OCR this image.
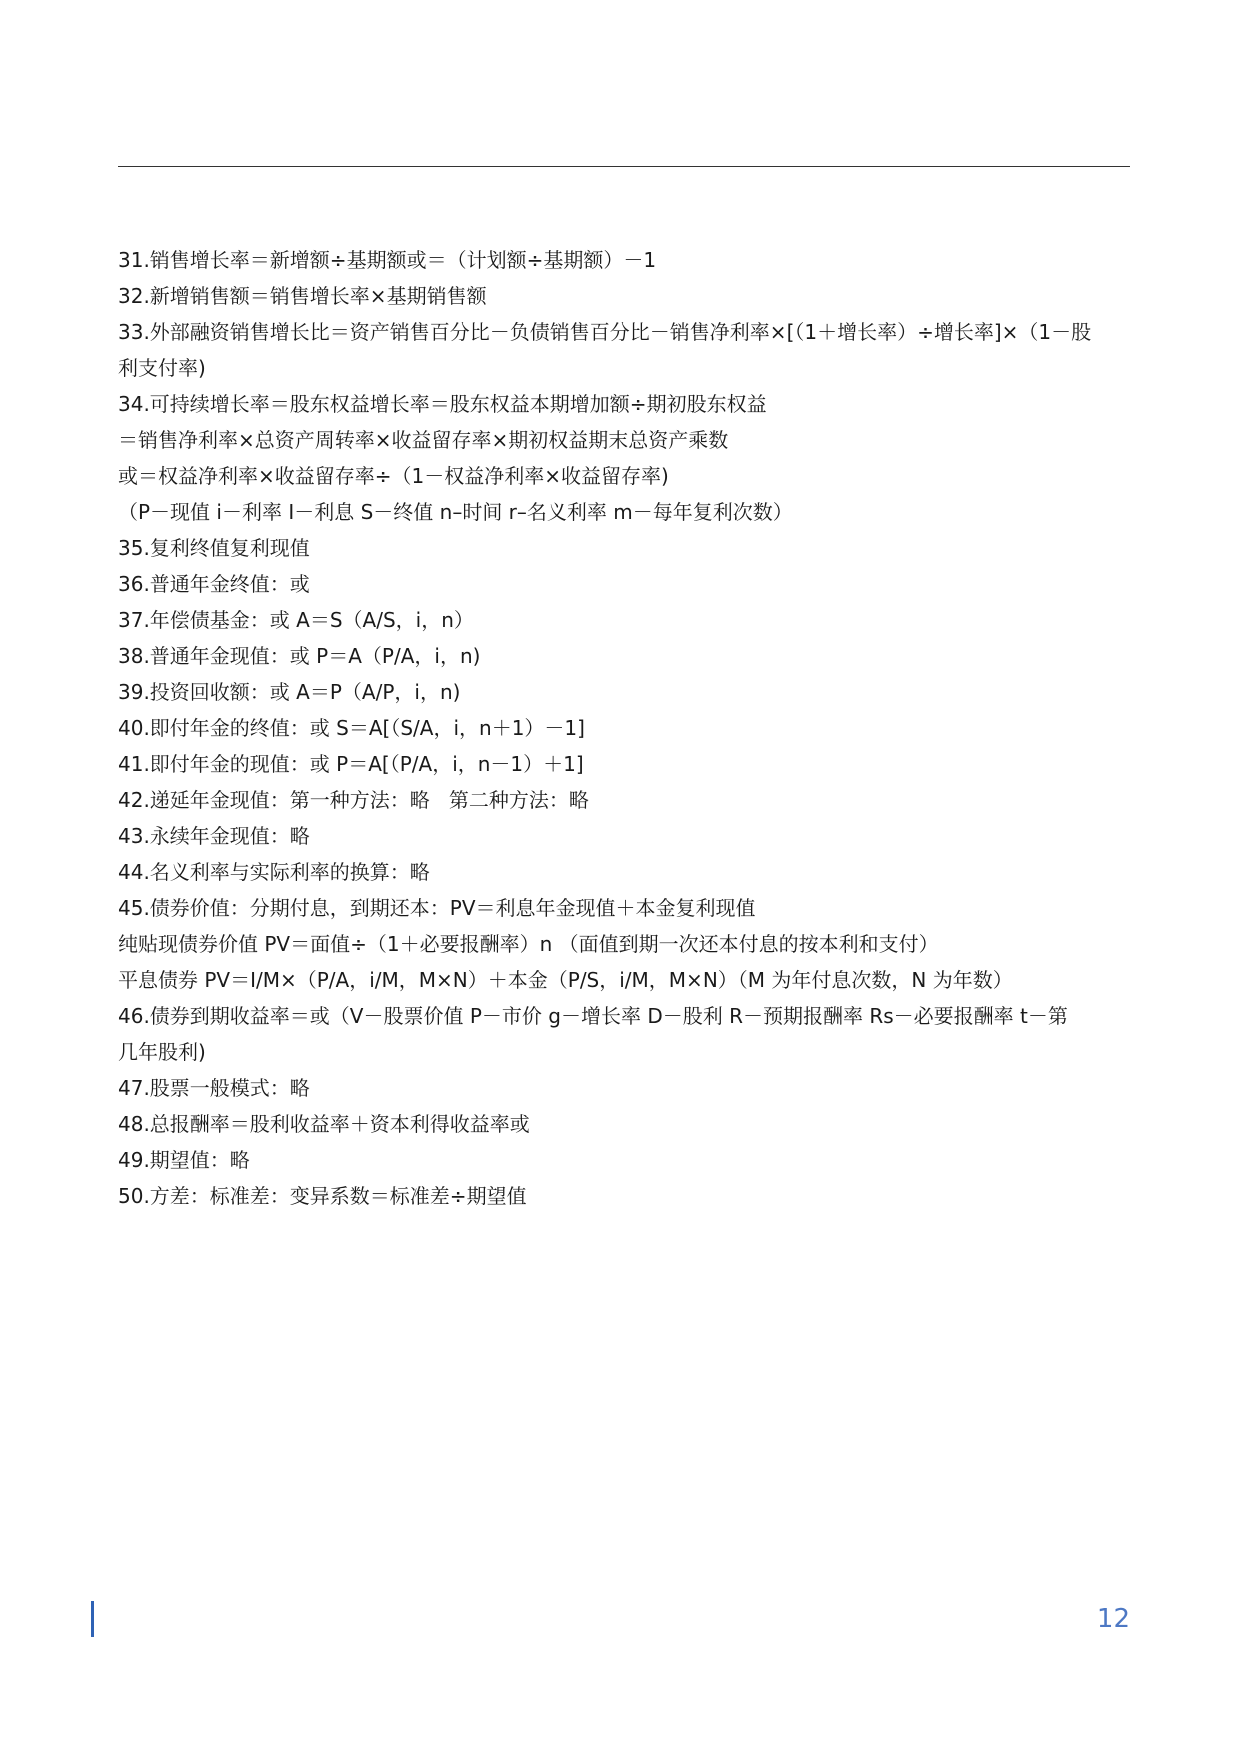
31.销售增长率＝新增额÷基期额或＝（计划额÷基期额）－1
32.新增销售额＝销售增长率×基期销售额
33.外部融资销售增长比＝资产销售百分比－负债销售百分比－销售净利率×[（1＋增长率）÷增长率]×（1－股
利支付率)
34.可持续增长率＝股东权益增长率＝股东权益本期增加额÷期初股东权益
＝销售净利率×总资产周转率×收益留存率×期初权益期末总资产乘数
或＝权益净利率×收益留存率÷（1－权益净利率×收益留存率)
（P－现值 i－利率 I－利息 S－终值 n–时间 r–名义利率 m－每年复利次数）
35.复利终值复利现值
36.普通年金终值：或
37.年偿债基金：或 A＝S（A/S，i，n）
38.普通年金现值：或 P＝A（P/A，i，n)
39.投资回收额：或 A＝P（A/P，i，n)
40.即付年金的终值：或 S＝A[（S/A，i，n＋1）－1]
41.即付年金的现值：或 P＝A[（P/A，i，n－1）＋1]
42.递延年金现值：第一种方法：略   第二种方法：略
43.永续年金现值：略
44.名义利率与实际利率的换算：略
45.债券价值：分期付息，到期还本：PV＝利息年金现值＋本金复利现值
纯贴现债券价值 PV＝面值÷（1＋必要报酬率）n （面值到期一次还本付息的按本利和支付）
平息债券 PV＝I/M×（P/A，i/M，M×N）＋本金（P/S，i/M，M×N）（M 为年付息次数，N 为年数）
46.债券到期收益率＝或（V－股票价值 P－市价 g－增长率 D－股利 R－预期报酬率 Rs－必要报酬率 t－第
几年股利)
47.股票一般模式：略
48.总报酬率＝股利收益率＋资本利得收益率或
49.期望值：略
50.方差：标准差：变异系数＝标准差÷期望值
12
